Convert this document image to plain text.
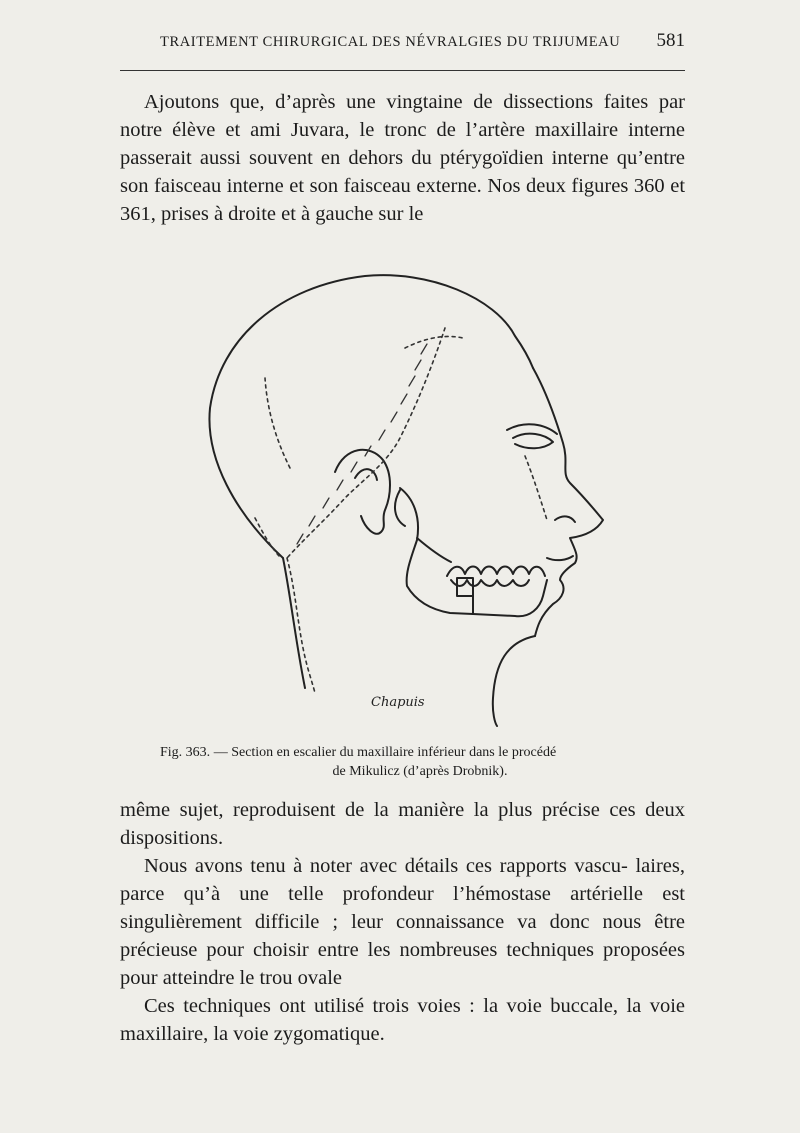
TRAITEMENT CHIRURGICAL DES NÉVRALGIES DU TRIJUMEAU 581

Ajoutons que, d’après une vingtaine de dissections faites par notre élève et ami Juvara, le tronc de l’artère maxillaire interne passerait aussi souvent en dehors du ptérygoïdien interne qu’entre son faisceau interne et son faisceau externe. Nos deux figures 360 et 361, prises à droite et à gauche sur le

Chapuis
Fig. 363. — Section en escalier du maxillaire inférieur dans le procédé
de Mikulicz (d’après Drobnik).

même sujet, reproduisent de la manière la plus précise ces deux dispositions.

Nous avons tenu à noter avec détails ces rapports vascu- laires, parce qu’à une telle profondeur l’hémostase artérielle est singulièrement difficile ; leur connaissance va donc nous être précieuse pour choisir entre les nombreuses techniques proposées pour atteindre le trou ovale

Ces techniques ont utilisé trois voies : la voie buccale, la voie maxillaire, la voie zygomatique.
